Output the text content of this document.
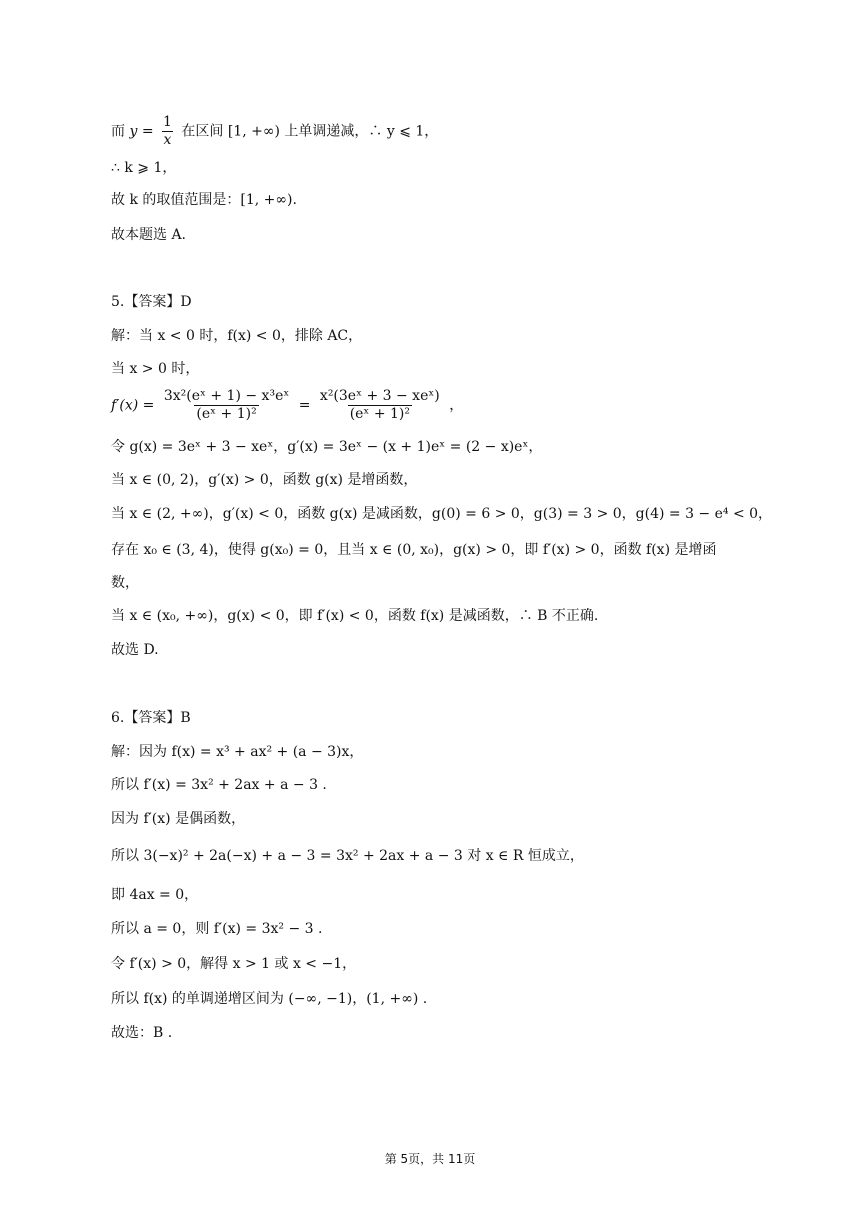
而 $y = \frac{1}{x}$ 在区间 [1, +∞) 上单调递减，∴ y ⩽ 1，
∴ k ⩾ 1，
故 k 的取值范围是：[1, +∞).
故本题选 A.
5.【答案】D
解：当 x < 0 时，f(x) < 0，排除 AC，
当 x > 0 时，
$f'(x) = \frac{\text{3x²(eˣ + 1) − x³eˣ}}{\text{(eˣ + 1)²}} = \frac{\text{x²(3eˣ + 3 − xeˣ)}}{\text{(eˣ + 1)²}}$ ，
令 g(x) = 3eˣ + 3 − xeˣ，g′(x) = 3eˣ − (x + 1)eˣ = (2 − x)eˣ，
当 x ∈ (0, 2)，g′(x) > 0，函数 g(x) 是增函数，
当 x ∈ (2, +∞)，g′(x) < 0，函数 g(x) 是减函数，g(0) = 6 > 0，g(3) = 3 > 0，g(4) = 3 − e⁴ < 0，
存在 x₀ ∈ (3, 4)，使得 g(x₀) = 0，且当 x ∈ (0, x₀)，g(x) > 0，即 f′(x) > 0，函数 f(x) 是增函
数，
当 x ∈ (x₀, +∞)，g(x) < 0，即 f′(x) < 0，函数 f(x) 是减函数，∴ B 不正确.
故选 D.
6.【答案】B
解：因为 f(x) = x³ + ax² + (a − 3)x，
所以 f′(x) = 3x² + 2ax + a − 3 .
因为 f′(x) 是偶函数，
所以 3(−x)² + 2a(−x) + a − 3 = 3x² + 2ax + a − 3 对 x ∈ R 恒成立，
即 4ax = 0，
所以 a = 0，则 f′(x) = 3x² − 3 .
令 f′(x) > 0，解得 x > 1 或 x < −1，
所以 f(x) 的单调递增区间为 (−∞, −1)，(1, +∞) .
故选：B .
第 5页，共 11页
